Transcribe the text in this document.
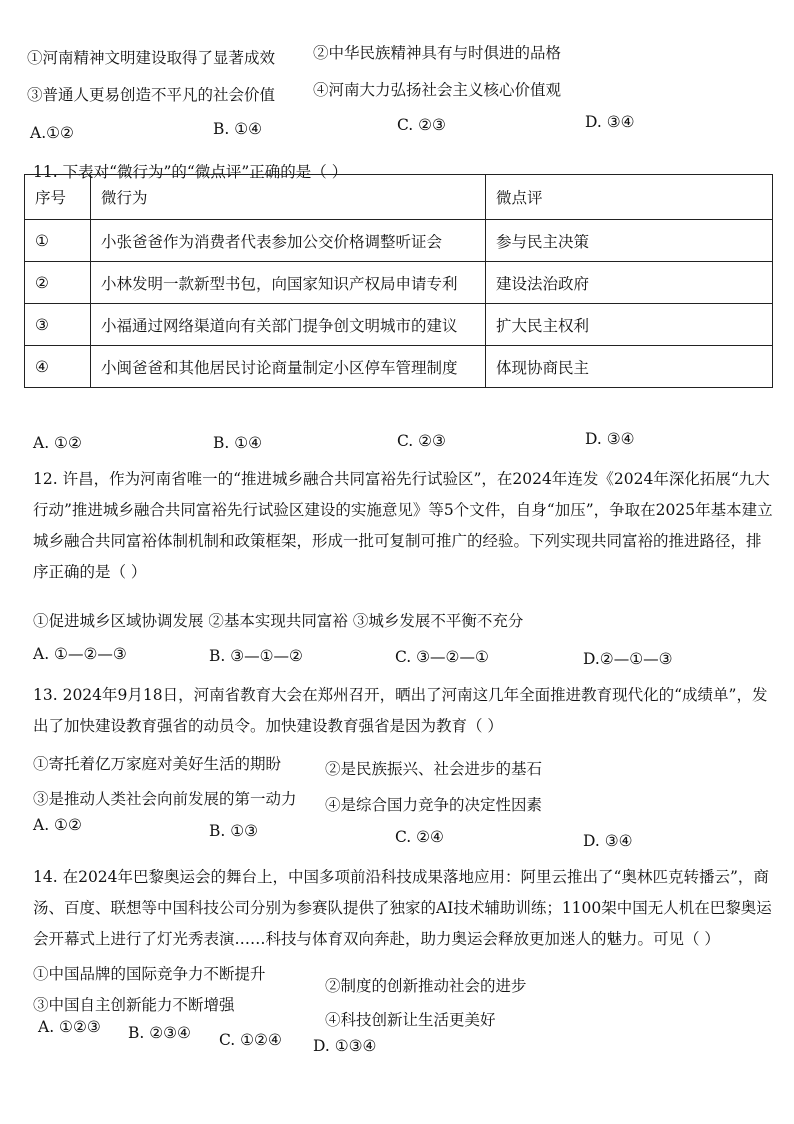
①河南精神文明建设取得了显著成效 ②中华民族精神具有与时俱进的品格
③普通人更易创造不平凡的社会价值 ④河南大力弘扬社会主义核心价值观
A.①②	B. ①④	C. ②③	D. ③④
11. 下表对“微行为”的“微点评”正确的是（ ）
序号	微行为	微点评
①	小张爸爸作为消费者代表参加公交价格调整听证会	参与民主决策
②	小林发明一款新型书包，向国家知识产权局申请专利	建设法治政府
③	小福通过网络渠道向有关部门提争创文明城市的建议	扩大民主权利
④	小闽爸爸和其他居民讨论商量制定小区停车管理制度	体现协商民主
A. ①②	B. ①④	C. ②③	D. ③④
12. 许昌，作为河南省唯一的“推进城乡融合共同富裕先行试验区”，在2024年连发《2024年深化拓展“九大行动”推进城乡融合共同富裕先行试验区建设的实施意见》等5个文件，自身“加压”，争取在2025年基本建立城乡融合共同富裕体制机制和政策框架，形成一批可复制可推广的经验。下列实现共同富裕的推进路径，排序正确的是（ ）
①促进城乡区域协调发展 ②基本实现共同富裕 ③城乡发展不平衡不充分
A. ①—②—③	B. ③—①—②	C. ③—②—①	D.②—①—③
13. 2024年9月18日，河南省教育大会在郑州召开，晒出了河南这几年全面推进教育现代化的“成绩单”，发出了加快建设教育强省的动员令。加快建设教育强省是因为教育（ ）
①寄托着亿万家庭对美好生活的期盼	②是民族振兴、社会进步的基石
③是推动人类社会向前发展的第一动力 ④是综合国力竞争的决定性因素
A. ①②	B. ①③	C. ②④	D. ③④
14. 在2024年巴黎奥运会的舞台上，中国多项前沿科技成果落地应用：阿里云推出了“奥林匹克转播云”，商汤、百度、联想等中国科技公司分别为参赛队提供了独家的AI技术辅助训练；1100架中国无人机在巴黎奥运会开幕式上进行了灯光秀表演……科技与体育双向奔赴，助力奥运会释放更加迷人的魅力。可见（ ）
①中国品牌的国际竞争力不断提升
②制度的创新推动社会的进步
③中国自主创新能力不断增强
④科技创新让生活更美好
A. ①②③ B. ②③④ C. ①②④ D. ①③④
